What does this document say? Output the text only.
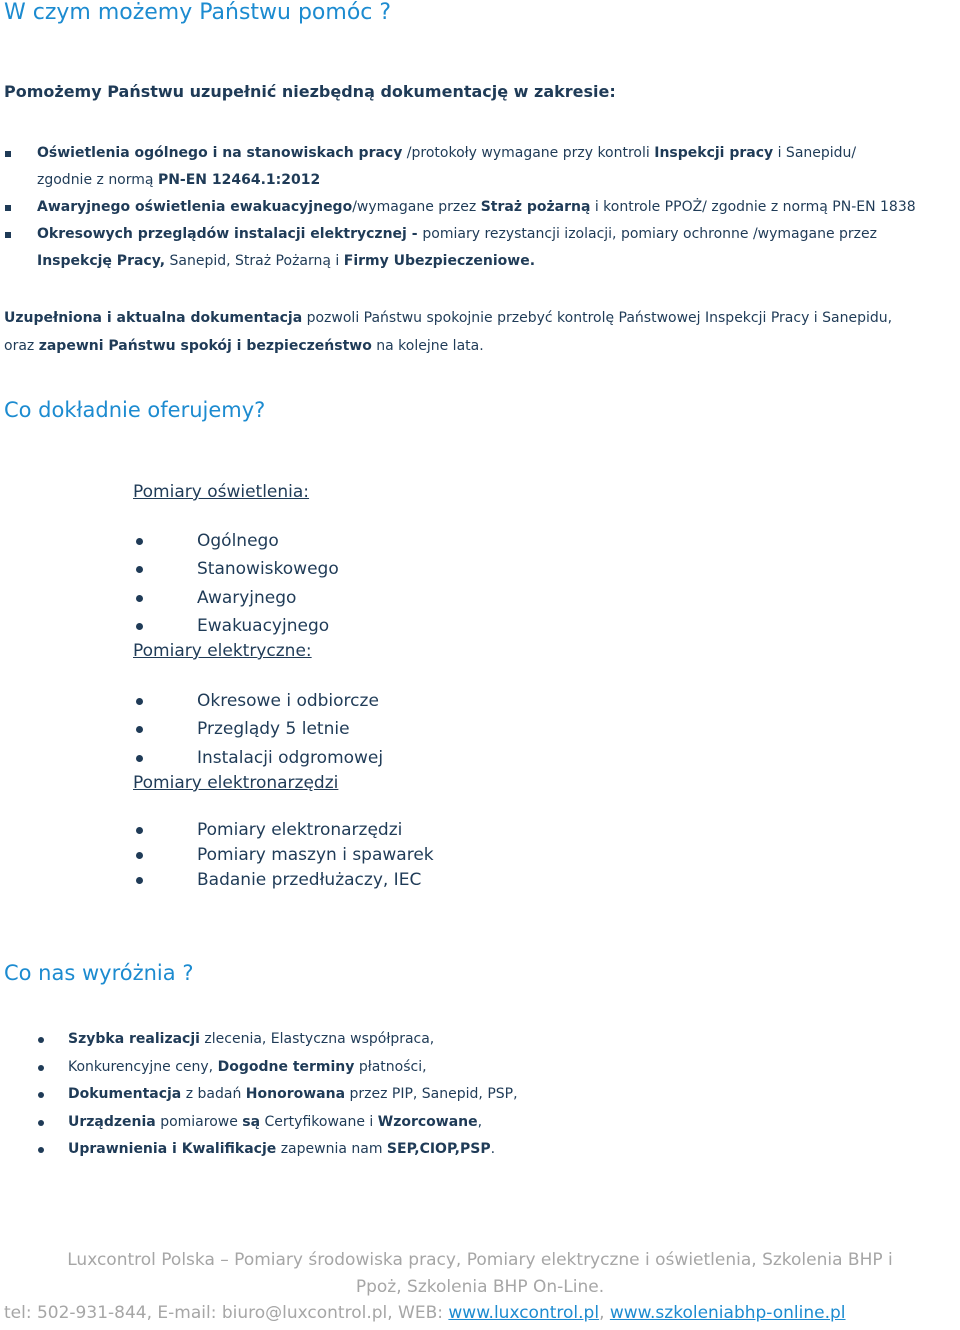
W czym możemy Państwu pomóc ?
Pomożemy Państwu uzupełnić niezbędną dokumentację w zakresie:
Oświetlenia ogólnego i na stanowiskach pracy /protokoły wymagane przy kontroli Inspekcji pracy i Sanepidu/
zgodnie z normą PN-EN 12464.1:2012
Awaryjnego oświetlenia ewakuacyjnego/wymagane przez Straż pożarną i kontrole PPOŻ/ zgodnie z normą PN-EN 1838
Okresowych przeglądów instalacji elektrycznej - pomiary rezystancji izolacji, pomiary ochronne /wymagane przez
Inspekcję Pracy, Sanepid, Straż Pożarną i Firmy Ubezpieczeniowe.
Uzupełniona i aktualna dokumentacja pozwoli Państwu spokojnie przebyć kontrolę Państwowej Inspekcji Pracy i Sanepidu,
oraz zapewni Państwu spokój i bezpieczeństwo na kolejne lata.
Co dokładnie oferujemy?
Pomiary oświetlenia:
Ogólnego
Stanowiskowego
Awaryjnego
Ewakuacyjnego
Pomiary elektryczne:
Okresowe i odbiorcze
Przeglądy 5 letnie
Instalacji odgromowej
Pomiary elektronarzędzi
Pomiary elektronarzędzi
Pomiary maszyn i spawarek
Badanie przedłużaczy, IEC
Co nas wyróżnia ?
Szybka realizacji zlecenia, Elastyczna współpraca,
Konkurencyjne ceny, Dogodne terminy płatności,
Dokumentacja z badań Honorowana przez PIP, Sanepid, PSP,
Urządzenia pomiarowe są Certyfikowane i Wzorcowane,
Uprawnienia i Kwalifikacje zapewnia nam SEP,CIOP,PSP.
Luxcontrol Polska – Pomiary środowiska pracy, Pomiary elektryczne i oświetlenia, Szkolenia BHP i
Ppoż, Szkolenia BHP On-Line.
tel: 502-931-844, E-mail: biuro@luxcontrol.pl, WEB: www.luxcontrol.pl, www.szkoleniabhp-online.pl
